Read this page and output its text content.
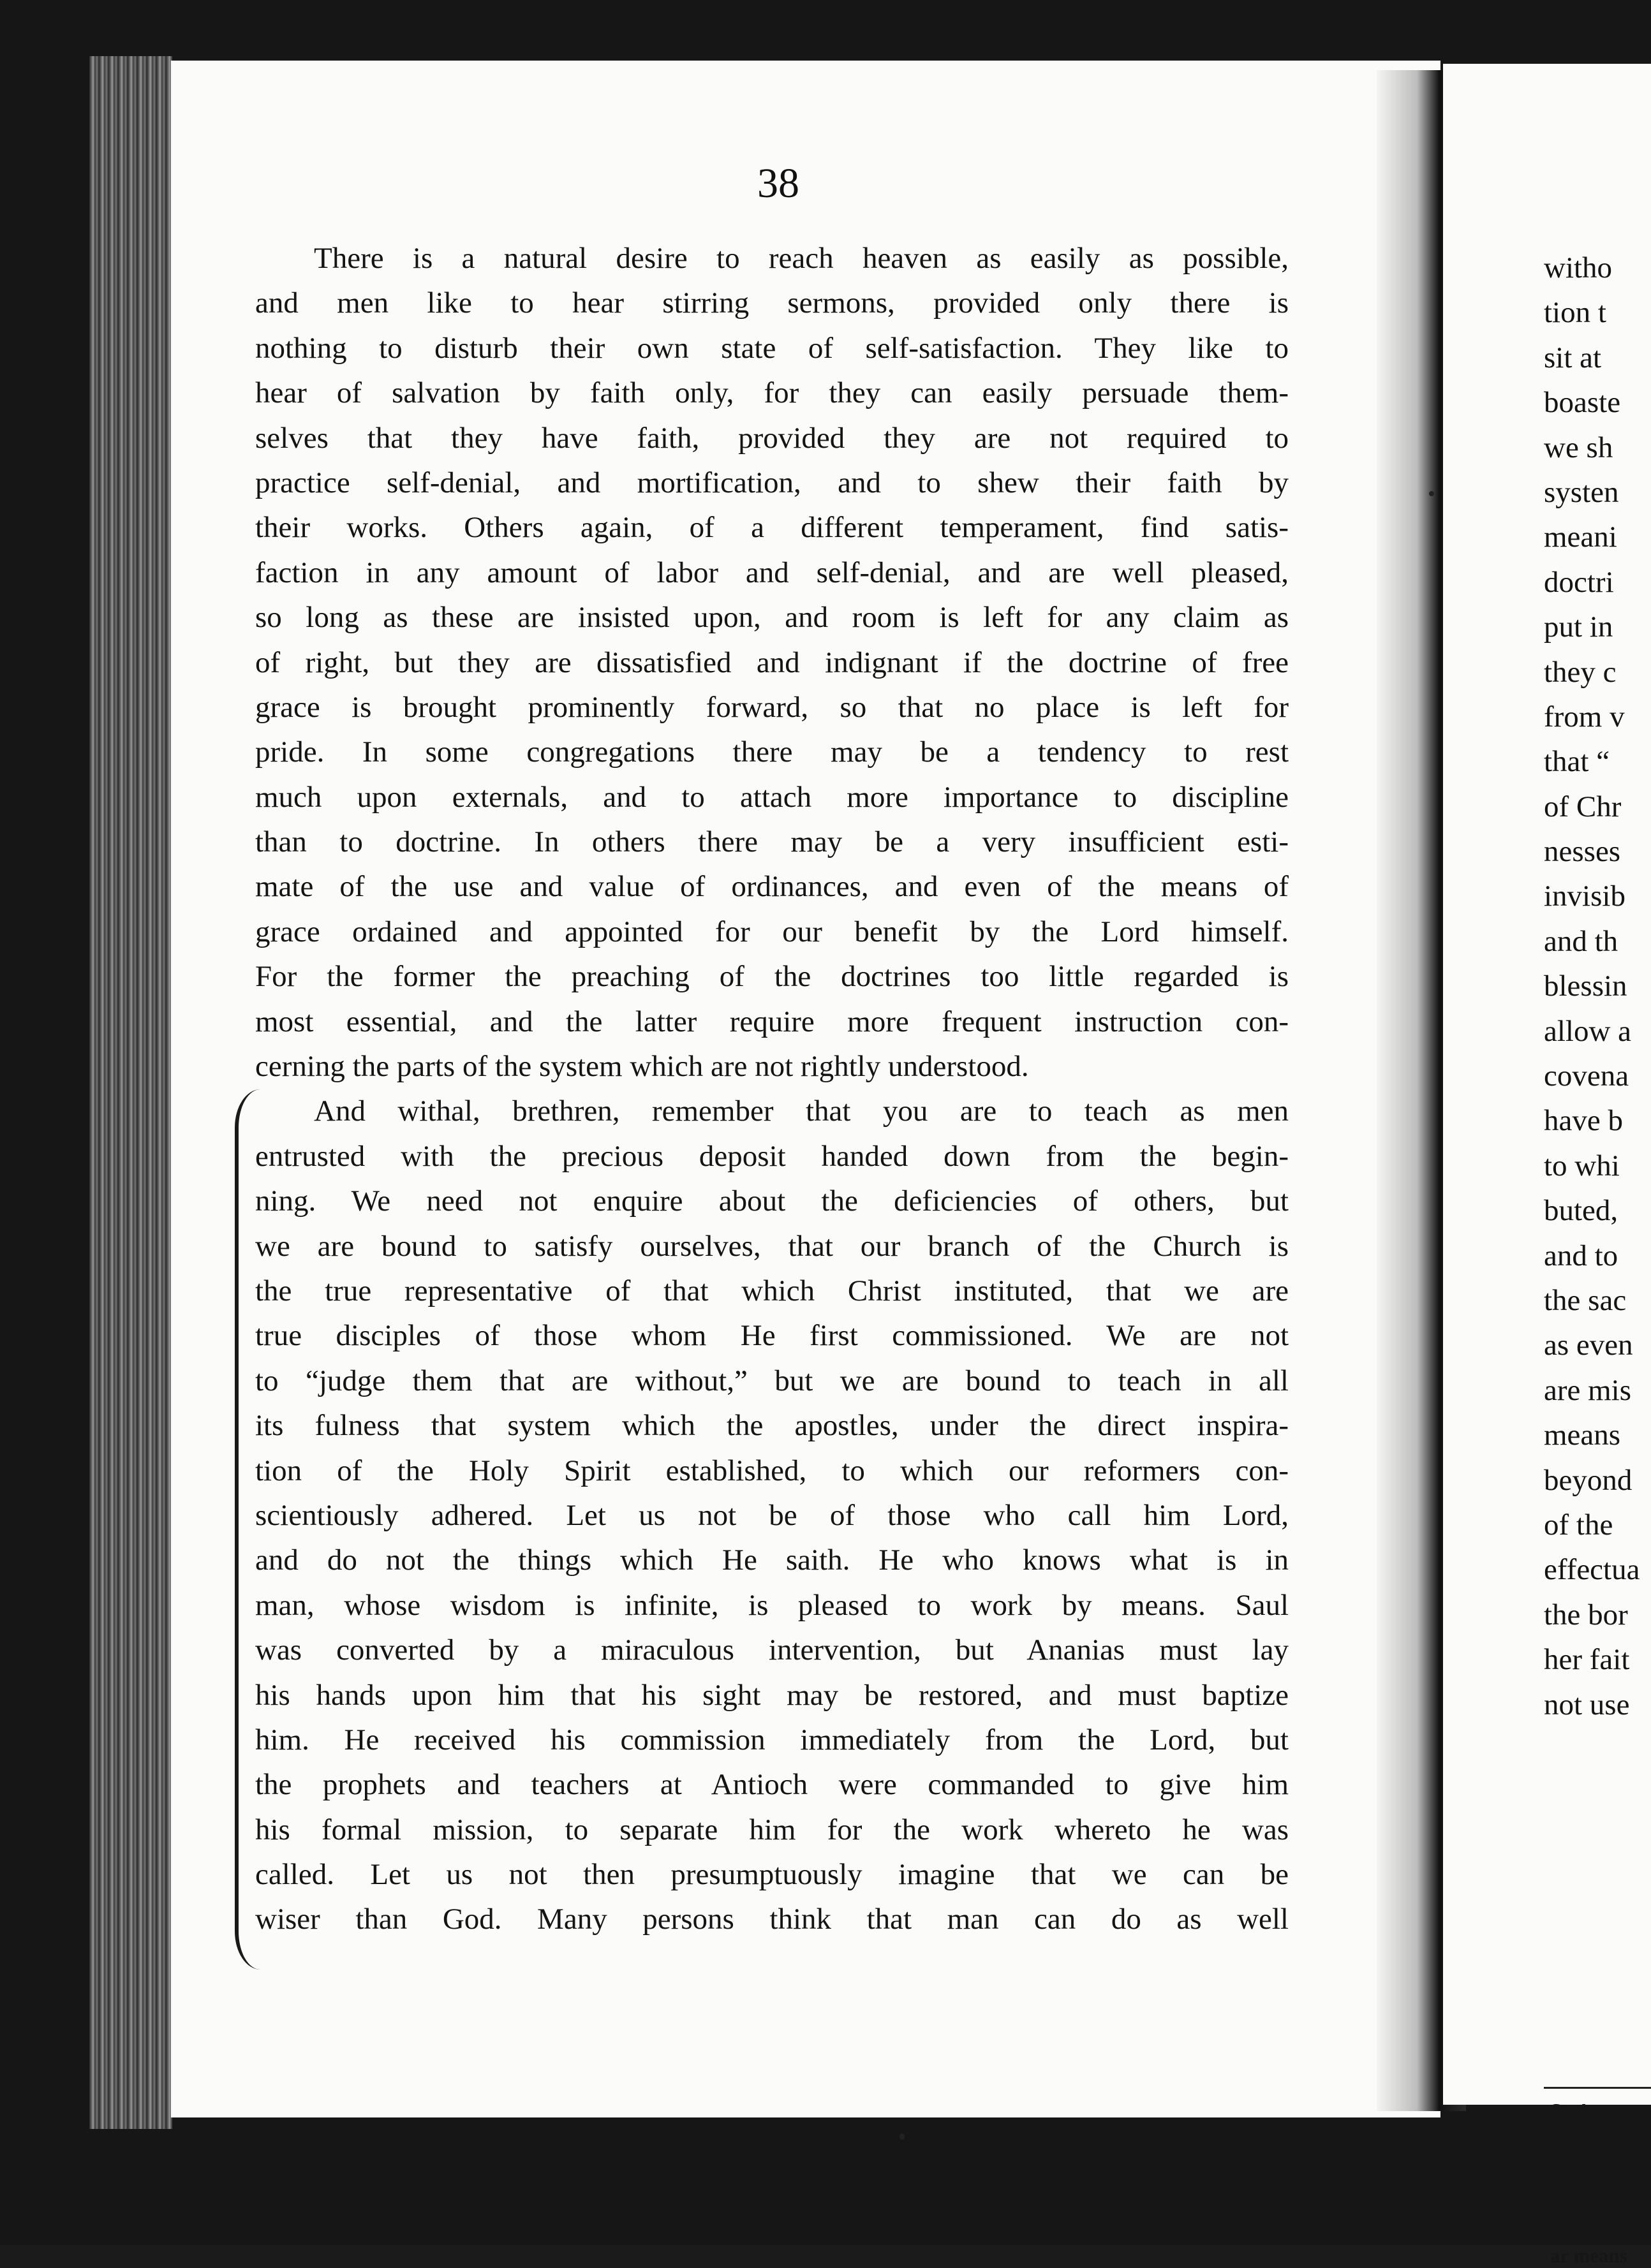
38
There is a natural desire to reach heaven as easily as possible,
and men like to hear stirring sermons, provided only there is
nothing to disturb their own state of self-satisfaction. They like to
hear of salvation by faith only, for they can easily persuade them-
selves that they have faith, provided they are not required to
practice self-denial, and mortification, and to shew their faith by
their works. Others again, of a different temperament, find satis-
faction in any amount of labor and self-denial, and are well pleased,
so long as these are insisted upon, and room is left for any claim as
of right, but they are dissatisfied and indignant if the doctrine of free
grace is brought prominently forward, so that no place is left for
pride. In some congregations there may be a tendency to rest
much upon externals, and to attach more importance to discipline
than to doctrine. In others there may be a very insufficient esti-
mate of the use and value of ordinances, and even of the means of
grace ordained and appointed for our benefit by the Lord himself.
For the former the preaching of the doctrines too little regarded is
most essential, and the latter require more frequent instruction con-
cerning the parts of the system which are not rightly understood.
And withal, brethren, remember that you are to teach as men
entrusted with the precious deposit handed down from the begin-
ning. We need not enquire about the deficiencies of others, but
we are bound to satisfy ourselves, that our branch of the Church is
the true representative of that which Christ instituted, that we are
true disciples of those whom He first commissioned. We are not
to “judge them that are without,” but we are bound to teach in all
its fulness that system which the apostles, under the direct inspira-
tion of the Holy Spirit established, to which our reformers con-
scientiously adhered. Let us not be of those who call him Lord,
and do not the things which He saith. He who knows what is in
man, whose wisdom is infinite, is pleased to work by means. Saul
was converted by a miraculous intervention, but Ananias must lay
his hands upon him that his sight may be restored, and must baptize
him. He received his commission immediately from the Lord, but
the prophets and teachers at Antioch were commanded to give him
his formal mission, to separate him for the work whereto he was
called. Let us not then presumptuously imagine that we can be
wiser than God. Many persons think that man can do as well
witho
tion t
sit at
boaste
we sh
systen
meani
doctri
put in
they c
from v
that “
of Chr
nesses
invisib
and th
blessin
allow a
covena
have b
to whi
buted,
and to
the sac
as even
are mis
means
beyond
of the
effectua
the bor
her fait
not use
St. Au
of the Old
observes,
antiquity,
the old lav
ments of t
ar means
